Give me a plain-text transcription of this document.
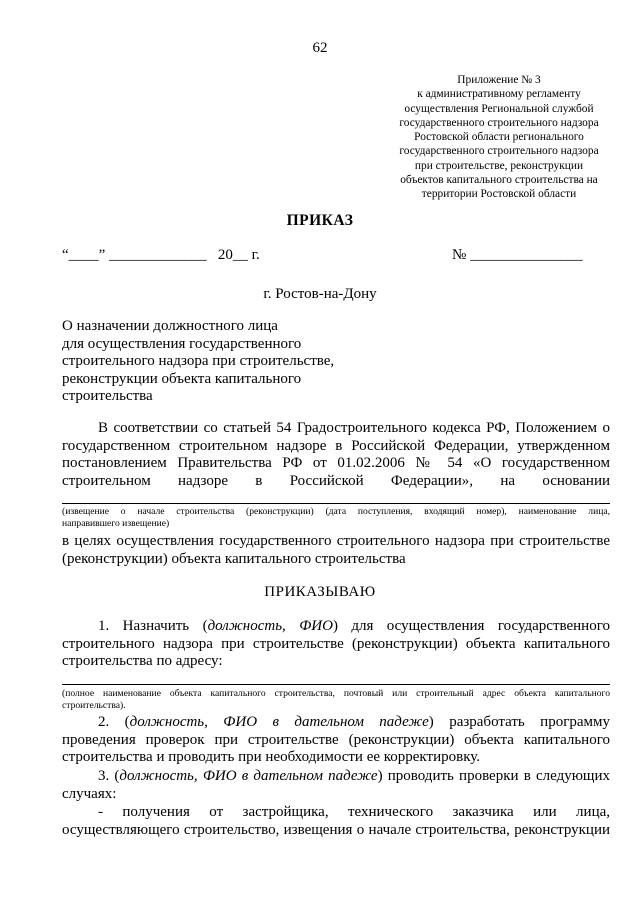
62
Приложение № 3
к административному регламенту
осуществления Региональной службой
государственного строительного надзора
Ростовской области регионального
государственного строительного надзора
при строительстве, реконструкции
объектов капитального строительства на
территории Ростовской области
ПРИКАЗ
“____” _____________ 20__ г.	№ _______________
г. Ростов-на-Дону
О назначении должностного лица
для осуществления государственного
строительного надзора при строительстве,
реконструкции объекта капитального
строительства
В соответствии со статьей 54 Градостроительного кодекса РФ, Положением о
государственном строительном надзоре в Российской Федерации, утвержденном
постановлением Правительства РФ от 01.02.2006 № 54 «О государственном
строительном надзоре в Российской Федерации», на основании
(извещение о начале строительства (реконструкции) (дата поступления, входящий номер), наименование лица,
направившего извещение)
в целях осуществления государственного строительного надзора при строительстве
(реконструкции) объекта капитального строительства
ПРИКАЗЫВАЮ
1. Назначить (должность, ФИО) для осуществления государственного
строительного надзора при строительстве (реконструкции) объекта капитального
строительства по адресу:
(полное наименование объекта капитального строительства, почтовый или строительный адрес объекта капитального
строительства).
2. (должность, ФИО в дательном падеже) разработать программу
проведения проверок при строительстве (реконструкции) объекта капитального
строительства и проводить при необходимости ее корректировку.
3. (должность, ФИО в дательном падеже) проводить проверки в следующих
случаях:
- получения от застройщика, технического заказчика или лица,
осуществляющего строительство, извещения о начале строительства, реконструкции
